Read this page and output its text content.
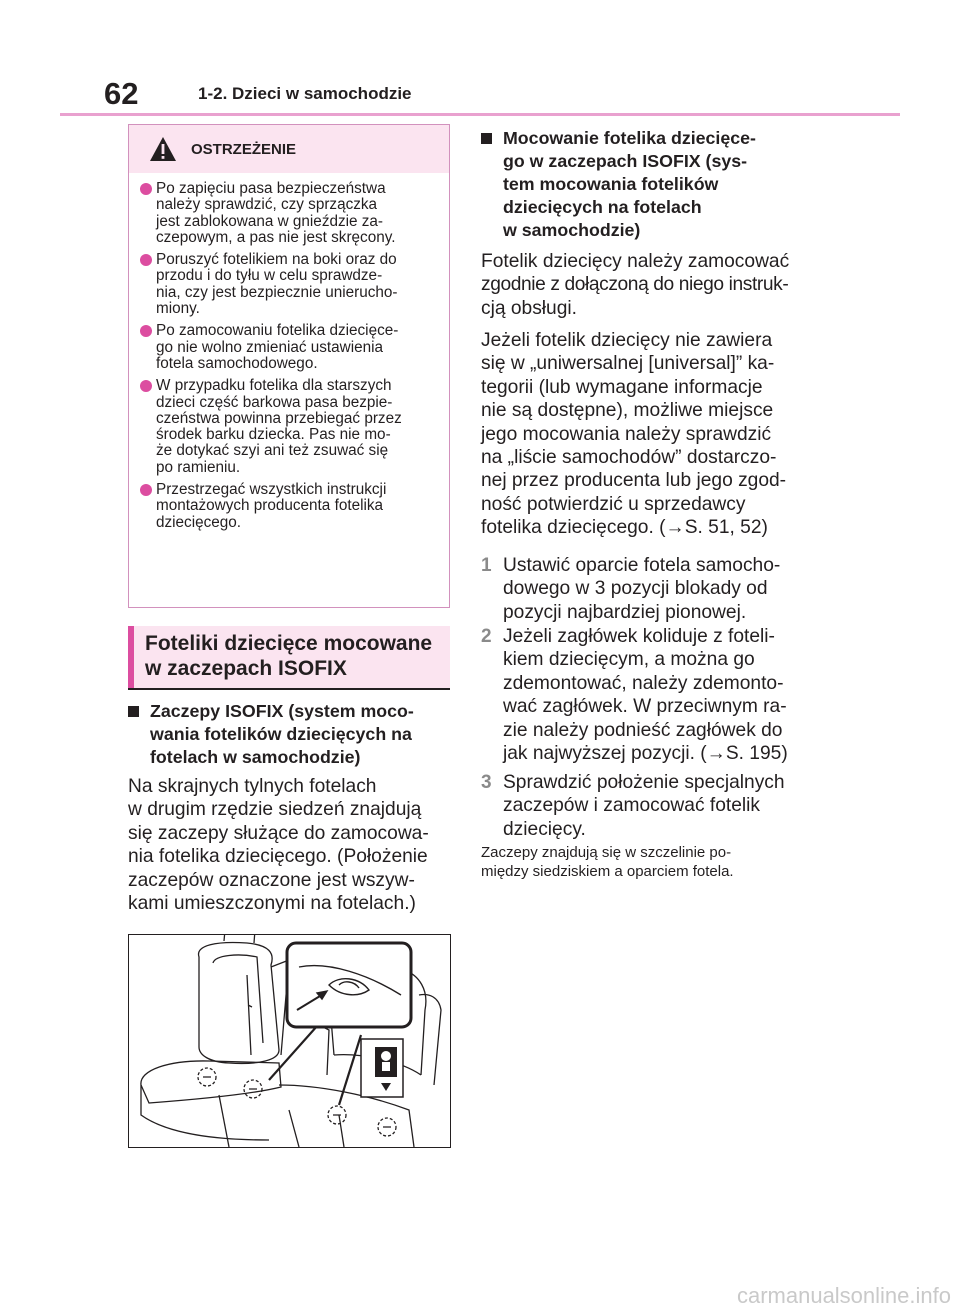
62	1-2. Dzieci w samochodzie
OSTRZEŻENIE
Po zapięciu pasa bezpieczeństwa
należy sprawdzić, czy sprzączka
jest zablokowana w gnieździe za-
czepowym, a pas nie jest skręcony.
Poruszyć fotelikiem na boki oraz do
przodu i do tyłu w celu sprawdze-
nia, czy jest bezpiecznie unierucho-
miony.
Po zamocowaniu fotelika dziecięce-
go nie wolno zmieniać ustawienia
fotela samochodowego.
W przypadku fotelika dla starszych
dzieci część barkowa pasa bezpie-
czeństwa powinna przebiegać przez
środek barku dziecka. Pas nie mo-
że dotykać szyi ani też zsuwać się
po ramieniu.
Przestrzegać wszystkich instrukcji
montażowych producenta fotelika
dziecięcego.
Foteliki dziecięce mocowane
w zaczepach ISOFIX
Zaczepy ISOFIX (system moco-
wania fotelików dziecięcych na
fotelach w samochodzie)

Na skrajnych tylnych fotelach

w drugim rzędzie siedzeń znajdują

się zaczepy służące do zamocowa-

nia fotelika dziecięcego. (Położenie

zaczepów oznaczone jest wszyw-

kami umieszczonymi na fotelach.)

Mocowanie fotelika dziecięce-
go w zaczepach ISOFIX (sys-
tem mocowania fotelików
dziecięcych na fotelach
w samochodzie)

Fotelik dziecięcy należy zamocować

zgodnie z dołączoną do niego instruk-

cją obsługi.

Jeżeli fotelik dziecięcy nie zawiera

się w „uniwersalnej [universal]” ka-

tegorii (lub wymagane informacje

nie są dostępne), możliwe miejsce

jego mocowania należy sprawdzić

na „liście samochodów” dostarczo-

nej przez producenta lub jego zgod-

ność potwierdzić u sprzedawcy

fotelika dziecięcego. (→S. 51, 52)

1 Ustawić oparcie fotela samocho-
dowego w 3 pozycji blokady od
pozycji najbardziej pionowej.
2 Jeżeli zagłówek koliduje z foteli-
kiem dziecięcym, a można go
zdemontować, należy zdemonto-
wać zagłówek. W przeciwnym ra-
zie należy podnieść zagłówek do
jak najwyższej pozycji. (→S. 195)
3 Sprawdzić położenie specjalnych
zaczepów i zamocować fotelik
dziecięcy.
Zaczepy znajdują się w szczelinie po-
między siedziskiem a oparciem fotela.
carmanualsonline.info
